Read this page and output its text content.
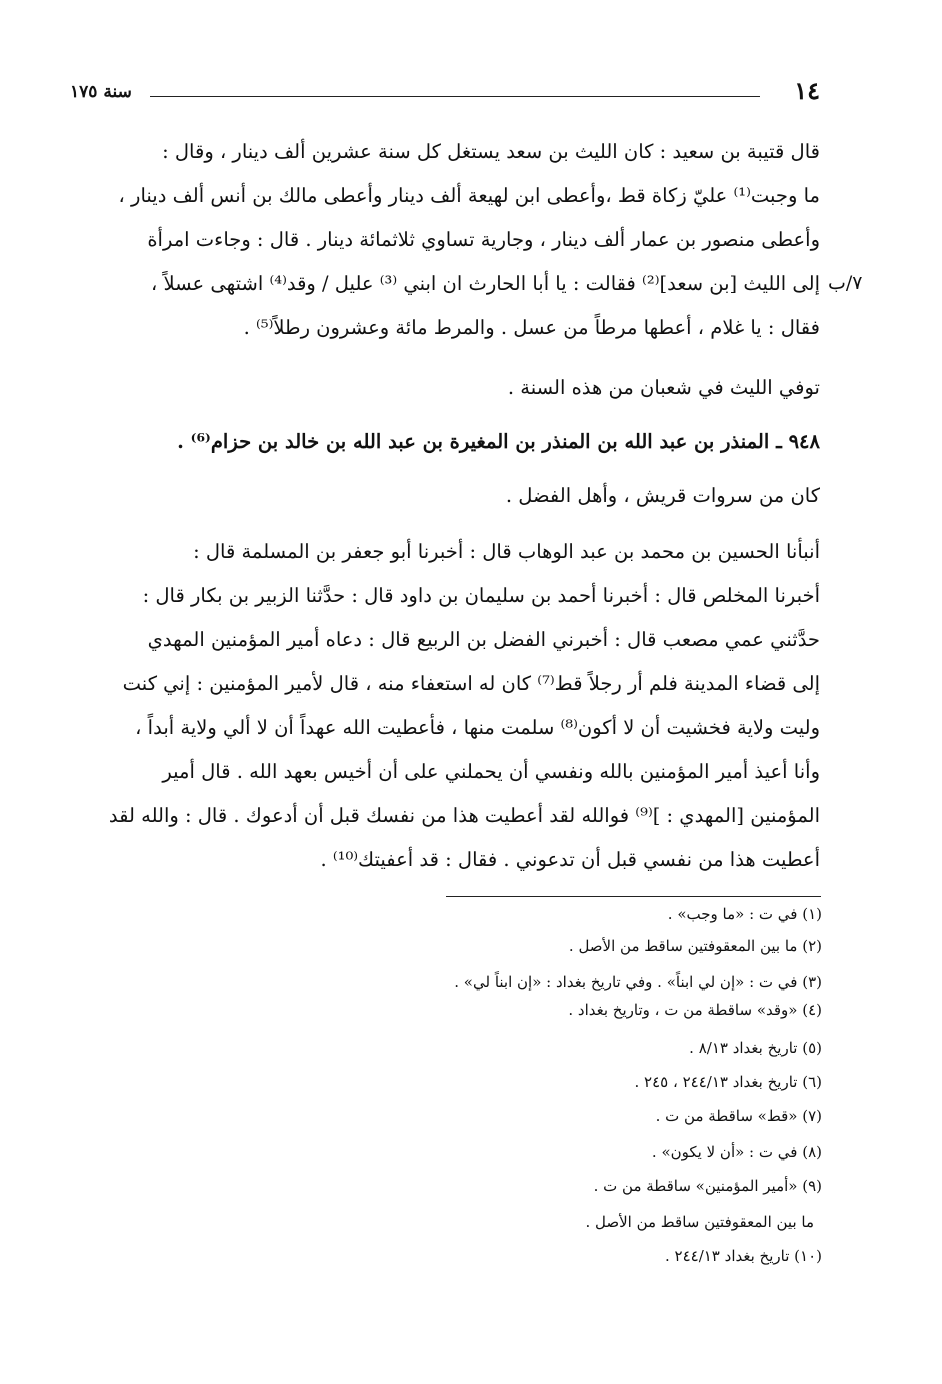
١٤
سنة ١٧٥
قال قتيبة بن سعيد : كان الليث بن سعد يستغل كل سنة عشرين ألف دينار ، وقال :
ما وجبت⁽¹⁾ عليّ زكاة قط ،وأعطى ابن لهيعة ألف دينار وأعطى مالك بن أنس ألف دينار ،
وأعطى منصور بن عمار ألف دينار ، وجارية تساوي ثلاثمائة دينار . قال : وجاءت امرأة
إلى الليث [بن سعد]⁽²⁾ فقالت : يا أبا الحارث ان ابني ⁽³⁾ عليل / وقد⁽⁴⁾ اشتهى عسلاً ،
فقال : يا غلام ، أعطها مرطاً من عسل . والمرط مائة وعشرون رطلاً⁽⁵⁾ .
توفي الليث في شعبان من هذه السنة .
٩٤٨ ـ المنذر بن عبد الله بن المنذر بن المغيرة بن عبد الله بن خالد بن حزام⁽⁶⁾ .
كان من سروات قريش ، وأهل الفضل .
أنبأنا الحسين بن محمد بن عبد الوهاب قال : أخبرنا أبو جعفر بن المسلمة قال :
أخبرنا المخلص قال : أخبرنا أحمد بن سليمان بن داود قال : حدَّثنا الزبير بن بكار قال :
حدَّثني عمي مصعب قال : أخبرني الفضل بن الربيع قال : دعاه أمير المؤمنين المهدي
إلى قضاء المدينة فلم أر رجلاً قط⁽⁷⁾ كان له استعفاء منه ، قال لأمير المؤمنين : إني كنت
وليت ولاية فخشيت أن لا أكون⁽⁸⁾ سلمت منها ، فأعطيت الله عهداً أن لا ألي ولاية أبداً ،
وأنا أعيذ أمير المؤمنين بالله ونفسي أن يحملني على أن أخيس بعهد الله . قال أمير
المؤمنين [المهدي : ]⁽⁹⁾ فوالله لقد أعطيت هذا من نفسك قبل أن أدعوك . قال : والله لقد
أعطيت هذا من نفسي قبل أن تدعوني . فقال : قد أعفيتك⁽¹⁰⁾ .
٧/ب
(١) في ت : «ما وجب» .
(٢) ما بين المعقوفتين ساقط من الأصل .
(٣) في ت : «إن لي ابناً» . وفي تاريخ بغداد : «إن ابناً لي» .
(٤) «وقد» ساقطة من ت ، وتاريخ بغداد .
(٥) تاريخ بغداد ٨/١٣ .
(٦) تاريخ بغداد ٢٤٤/١٣ ، ٢٤٥ .
(٧) «قط» ساقطة من ت .
(٨) في ت : «أن لا يكون» .
(٩) «أمير المؤمنين» ساقطة من ت .
ما بين المعقوفتين ساقط من الأصل .
(١٠) تاريخ بغداد ٢٤٤/١٣ .
